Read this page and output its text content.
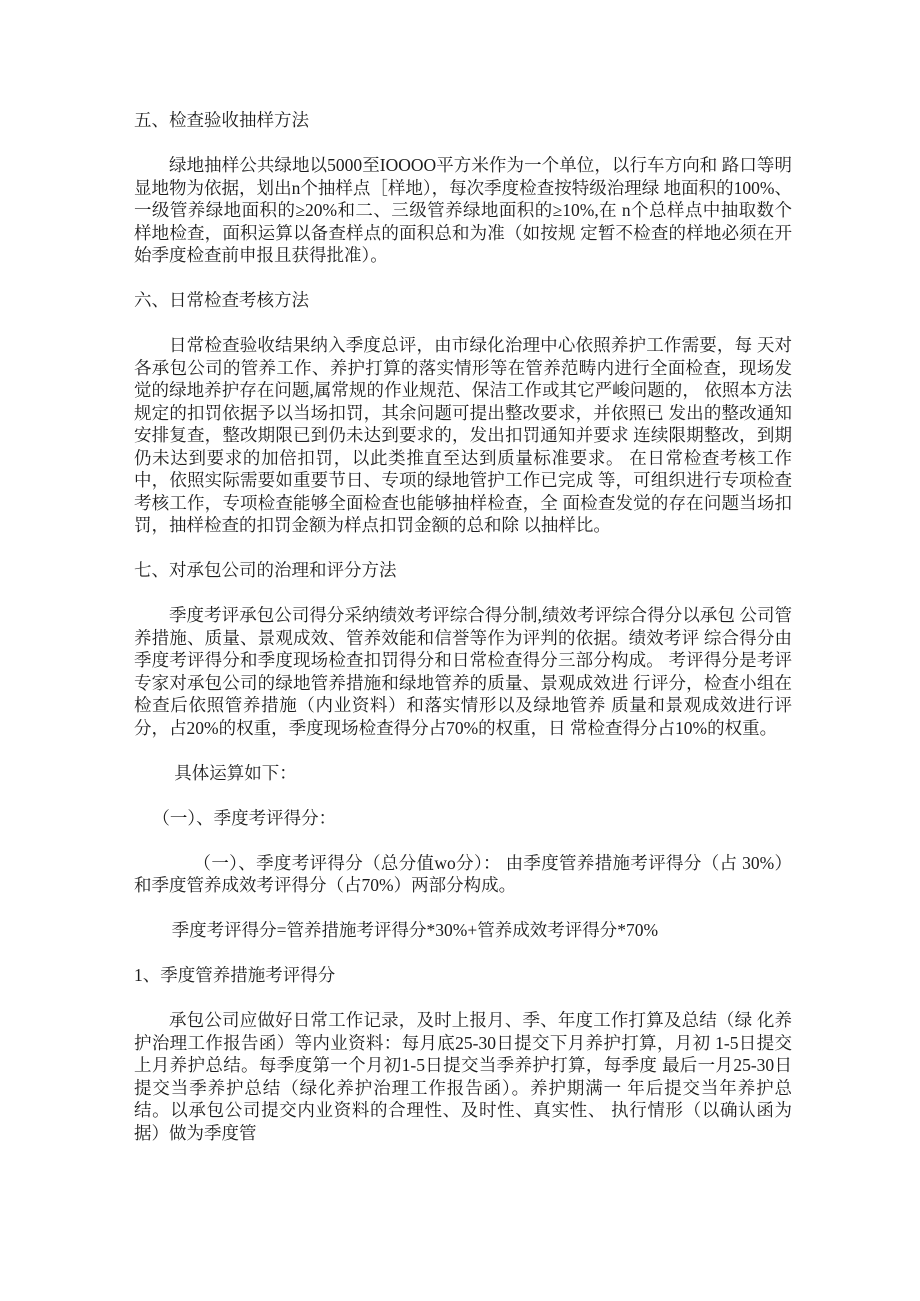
五、检查验收抽样方法

绿地抽样公共绿地以5000至IOOOO平方米作为一个单位，以行车方向和 路口等明显地物为依据，划出n个抽样点［样地），每次季度检查按特级治理绿 地面积的100%、一级管养绿地面积的≥20%和二、三级管养绿地面积的≥10%,在 n个总样点中抽取数个样地检查，面积运算以备查样点的面积总和为准（如按规 定暂不检查的样地必须在开始季度检查前申报且获得批准）。

六、日常检查考核方法

日常检查验收结果纳入季度总评，由市绿化治理中心依照养护工作需要，每 天对各承包公司的管养工作、养护打算的落实情形等在管养范畴内进行全面检查，现场发觉的绿地养护存在问题,属常规的作业规范、保洁工作或其它严峻问题的， 依照本方法规定的扣罚依据予以当场扣罚，其余问题可提出整改要求，并依照已 发出的整改通知安排复查，整改期限已到仍未达到要求的，发出扣罚通知并要求 连续限期整改，到期仍未达到要求的加倍扣罚，以此类推直至达到质量标准要求。 在日常检查考核工作中，依照实际需要如重要节日、专项的绿地管护工作已完成 等，可组织进行专项检查考核工作，专项检查能够全面检查也能够抽样检查，全 面检查发觉的存在问题当场扣罚，抽样检查的扣罚金额为样点扣罚金额的总和除 以抽样比。

七、对承包公司的治理和评分方法

季度考评承包公司得分采纳绩效考评综合得分制,绩效考评综合得分以承包 公司管养措施、质量、景观成效、管养效能和信誉等作为评判的依据。绩效考评 综合得分由季度考评得分和季度现场检查扣罚得分和日常检查得分三部分构成。 考评得分是考评专家对承包公司的绿地管养措施和绿地管养的质量、景观成效进 行评分，检查小组在检查后依照管养措施（内业资料）和落实情形以及绿地管养 质量和景观成效进行评分，占20%的权重，季度现场检查得分占70%的权重，日 常检查得分占10%的权重。

具体运算如下：

（一）、季度考评得分：

（一）、季度考评得分（总分值wo分）： 由季度管养措施考评得分（占 30%）和季度管养成效考评得分（占70%）两部分构成。

季度考评得分=管养措施考评得分*30%+管养成效考评得分*70%

1、季度管养措施考评得分

承包公司应做好日常工作记录，及时上报月、季、年度工作打算及总结（绿 化养护治理工作报告函）等内业资料：每月底25-30日提交下月养护打算，月初 1-5日提交上月养护总结。每季度第一个月初1-5日提交当季养护打算，每季度 最后一月25-30日提交当季养护总结（绿化养护治理工作报告函）。养护期满一 年后提交当年养护总结。以承包公司提交内业资料的合理性、及时性、真实性、 执行情形（以确认函为据）做为季度管
